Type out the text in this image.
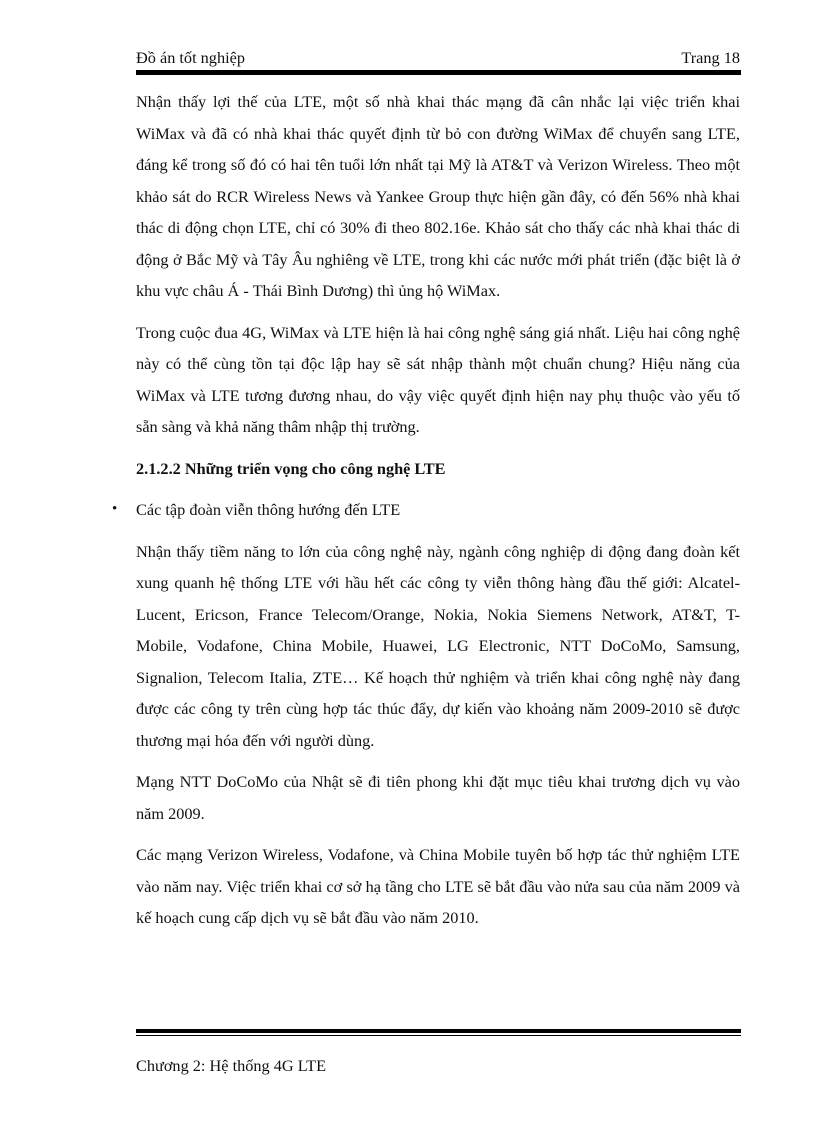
Đồ án tốt nghiệp	Trang 18

Nhận thấy lợi thế của LTE, một số nhà khai thác mạng đã cân nhắc lại việc triển khai WiMax và đã có nhà khai thác quyết định từ bỏ con đường WiMax để chuyển sang LTE, đáng kể trong số đó có hai tên tuổi lớn nhất tại Mỹ là AT&T và Verizon Wireless. Theo một khảo sát do RCR Wireless News và Yankee Group thực hiện gần đây, có đến 56% nhà khai thác di động chọn LTE, chỉ có 30% đi theo 802.16e. Khảo sát cho thấy các nhà khai thác di động ở Bắc Mỹ và Tây Âu nghiêng về LTE, trong khi các nước mới phát triển (đặc biệt là ở khu vực châu Á - Thái Bình Dương) thì ủng hộ WiMax.

Trong cuộc đua 4G, WiMax và LTE hiện là hai công nghệ sáng giá nhất. Liệu hai công nghệ này có thể cùng tồn tại độc lập hay sẽ sát nhập thành một chuẩn chung? Hiệu năng của WiMax và LTE tương đương nhau, do vậy việc quyết định hiện nay phụ thuộc vào yếu tố sẵn sàng và khả năng thâm nhập thị trường.

2.1.2.2 Những triển vọng cho công nghệ LTE

• Các tập đoàn viễn thông hướng đến LTE

Nhận thấy tiềm năng to lớn của công nghệ này, ngành công nghiệp di động đang đoàn kết xung quanh hệ thống LTE với hầu hết các công ty viễn thông hàng đầu thế giới: Alcatel-Lucent, Ericson, France Telecom/Orange, Nokia, Nokia Siemens Network, AT&T, T-Mobile, Vodafone, China Mobile, Huawei, LG Electronic, NTT DoCoMo, Samsung, Signalion, Telecom Italia, ZTE… Kế hoạch thử nghiệm và triển khai công nghệ này đang được các công ty trên cùng hợp tác thúc đẩy, dự kiến vào khoảng năm 2009-2010 sẽ được thương mại hóa đến với người dùng.

Mạng NTT DoCoMo của Nhật sẽ đi tiên phong khi đặt mục tiêu khai trương dịch vụ vào năm 2009.

Các mạng Verizon Wireless, Vodafone, và China Mobile tuyên bố hợp tác thử nghiệm LTE vào năm nay. Việc triển khai cơ sở hạ tầng cho LTE sẽ bắt đầu vào nửa sau của năm 2009 và kế hoạch cung cấp dịch vụ sẽ bắt đầu vào năm 2010.

Chương 2: Hệ thống 4G LTE
